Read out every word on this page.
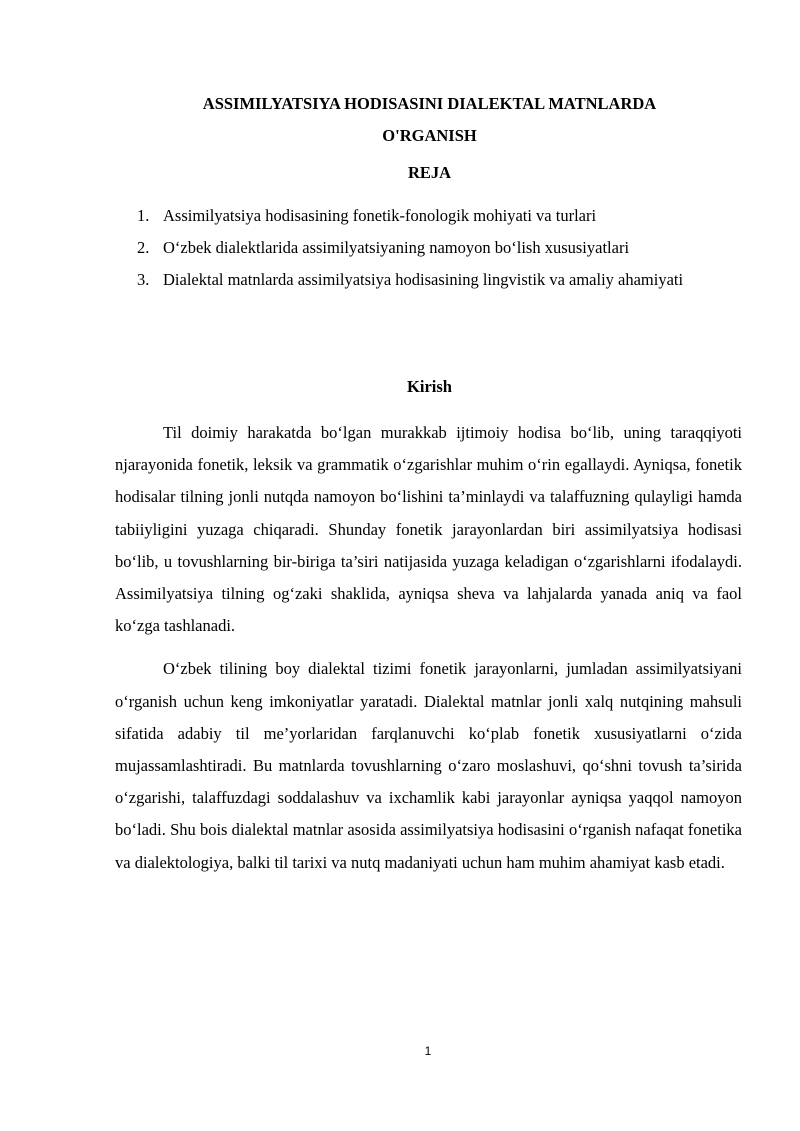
ASSIMILYATSIYA HODISASINI DIALEKTAL MATNLARDA
O'RGANISH

REJA

1. Assimilyatsiya hodisasining fonetik-fonologik mohiyati va turlari
2. O‘zbek dialektlarida assimilyatsiyaning namoyon bo‘lish xususiyatlari
3. Dialektal matnlarda assimilyatsiya hodisasining lingvistik va amaliy ahamiyati

Kirish

Til doimiy harakatda bo‘lgan murakkab ijtimoiy hodisa bo‘lib, uning taraqqiyoti njarayonida fonetik, leksik va grammatik o‘zgarishlar muhim o‘rin egallaydi. Ayniqsa, fonetik hodisalar tilning jonli nutqda namoyon bo‘lishini ta’minlaydi va talaffuzning qulayligi hamda tabiiyligini yuzaga chiqaradi. Shunday fonetik jarayonlardan biri assimilyatsiya hodisasi bo‘lib, u tovushlarning bir-biriga ta’siri natijasida yuzaga keladigan o‘zgarishlarni ifodalaydi. Assimilyatsiya tilning og‘zaki shaklida, ayniqsa sheva va lahjalarda yanada aniq va faol ko‘zga tashlanadi.

O‘zbek tilining boy dialektal tizimi fonetik jarayonlarni, jumladan assimilyatsiyani o‘rganish uchun keng imkoniyatlar yaratadi. Dialektal matnlar jonli xalq nutqining mahsuli sifatida adabiy til me’yorlaridan farqlanuvchi ko‘plab fonetik xususiyatlarni o‘zida mujassamlashtiradi. Bu matnlarda tovushlarning o‘zaro moslashuvi, qo‘shni tovush ta’sirida o‘zgarishi, talaffuzdagi soddalashuv va ixchamlik kabi jarayonlar ayniqsa yaqqol namoyon bo‘ladi. Shu bois dialektal matnlar asosida assimilyatsiya hodisasini o‘rganish nafaqat fonetika va dialektologiya, balki til tarixi va nutq madaniyati uchun ham muhim ahamiyat kasb etadi.

1
